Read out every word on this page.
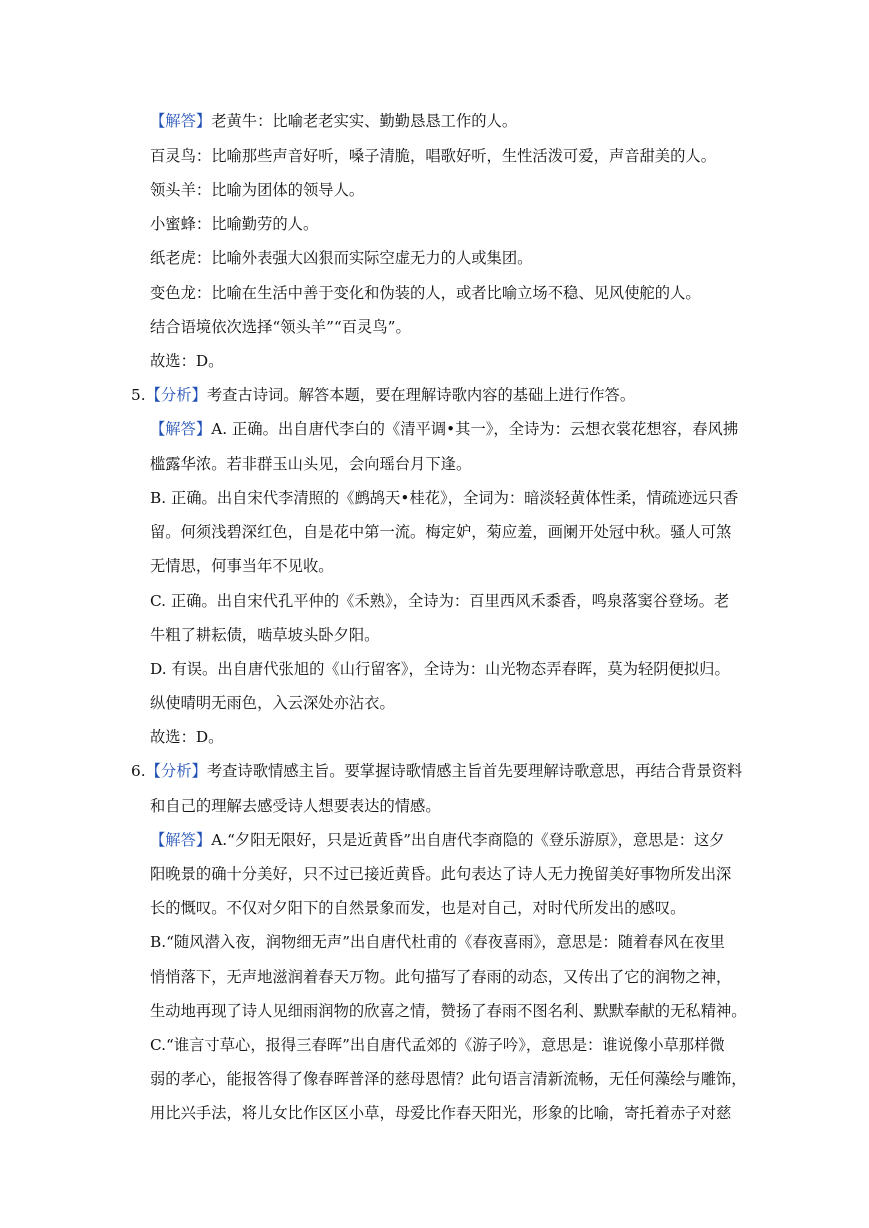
【解答】老黄牛：比喻老老实实、勤勤恳恳工作的人。
百灵鸟：比喻那些声音好听，嗓子清脆，唱歌好听，生性活泼可爱，声音甜美的人。
领头羊：比喻为团体的领导人。
小蜜蜂：比喻勤劳的人。
纸老虎：比喻外表强大凶狠而实际空虚无力的人或集团。
变色龙：比喻在生活中善于变化和伪装的人，或者比喻立场不稳、见风使舵的人。
结合语境依次选择“领头羊”“百灵鸟”。
故选：D。
5.【分析】考查古诗词。解答本题，要在理解诗歌内容的基础上进行作答。
【解答】A. 正确。出自唐代李白的《清平调•其一》，全诗为：云想衣裳花想容，春风拂
槛露华浓。若非群玉山头见，会向瑶台月下逢。
B. 正确。出自宋代李清照的《鹧鸪天•桂花》，全词为：暗淡轻黄体性柔，情疏迹远只香
留。何须浅碧深红色，自是花中第一流。梅定妒，菊应羞，画阑开处冠中秋。骚人可煞
无情思，何事当年不见收。
C. 正确。出自宋代孔平仲的《禾熟》，全诗为：百里西风禾黍香，鸣泉落窦谷登场。老
牛粗了耕耘债，啮草坡头卧夕阳。
D. 有误。出自唐代张旭的《山行留客》，全诗为：山光物态弄春晖，莫为轻阴便拟归。
纵使晴明无雨色，入云深处亦沾衣。
故选：D。
6.【分析】考查诗歌情感主旨。要掌握诗歌情感主旨首先要理解诗歌意思，再结合背景资料
和自己的理解去感受诗人想要表达的情感。
【解答】A.“夕阳无限好，只是近黄昏”出自唐代李商隐的《登乐游原》，意思是：这夕
阳晚景的确十分美好，只不过已接近黄昏。此句表达了诗人无力挽留美好事物所发出深
长的慨叹。不仅对夕阳下的自然景象而发，也是对自己，对时代所发出的感叹。
B.“随风潜入夜，润物细无声”出自唐代杜甫的《春夜喜雨》，意思是：随着春风在夜里
悄悄落下，无声地滋润着春天万物。此句描写了春雨的动态，又传出了它的润物之神，
生动地再现了诗人见细雨润物的欣喜之情，赞扬了春雨不图名利、默默奉献的无私精神。
C.“谁言寸草心，报得三春晖”出自唐代孟郊的《游子吟》，意思是：谁说像小草那样微
弱的孝心，能报答得了像春晖普泽的慈母恩情？此句语言清新流畅，无任何藻绘与雕饰，
用比兴手法，将儿女比作区区小草，母爱比作春天阳光，形象的比喻，寄托着赤子对慈
